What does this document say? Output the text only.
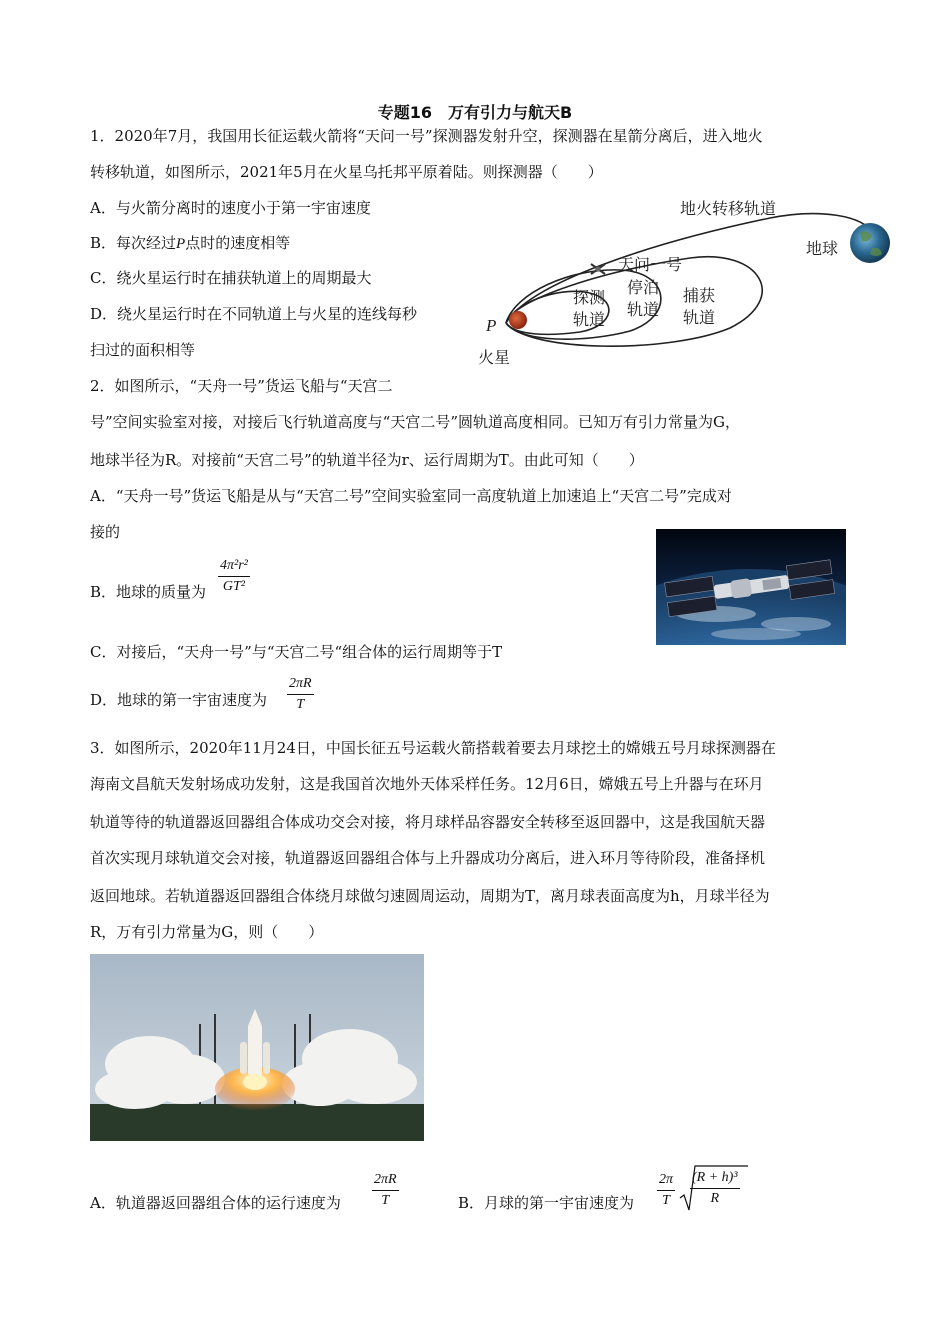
专题16　万有引力与航天B
1．2020年7月，我国用长征运载火箭将“天问一号”探测器发射升空，探测器在星箭分离后，进入地火
转移轨道，如图所示，2021年5月在火星乌托邦平原着陆。则探测器（　　）
A．与火箭分离时的速度小于第一宇宙速度
B．每次经过P点时的速度相等
C．绕火星运行时在捕获轨道上的周期最大
D．绕火星运行时在不同轨道上与火星的连线每秒
扫过的面积相等
地火转移轨道
地球
天问一号
探测
轨道
停泊
轨道
捕获
轨道
火星
P
2．如图所示，“天舟一号”货运飞船与“天宫二
号”空间实验室对接，对接后飞行轨道高度与“天宫二号”圆轨道高度相同。已知万有引力常量为G，
地球半径为R。对接前“天宫二号”的轨道半径为r、运行周期为T。由此可知（　　）
A．“天舟一号”货运飞船是从与“天宫二号”空间实验室同一高度轨道上加速追上“天宫二号”完成对
接的
B．地球的质量为 $\frac{\text{4π²r²}}{\text{GT²}}$
C．对接后，“天舟一号”与“天宫二号“组合体的运行周期等于T
D．地球的第一宇宙速度为 $\frac{2\pi R}{T}$
3．如图所示，2020年11月24日，中国长征五号运载火箭搭载着要去月球挖土的嫦娥五号月球探测器在
海南文昌航天发射场成功发射，这是我国首次地外天体采样任务。12月6日，嫦娥五号上升器与在环月
轨道等待的轨道器返回器组合体成功交会对接，将月球样品容器安全转移至返回器中，这是我国航天器
首次实现月球轨道交会对接，轨道器返回器组合体与上升器成功分离后，进入环月等待阶段，准备择机
返回地球。若轨道器返回器组合体绕月球做匀速圆周运动，周期为T，离月球表面高度为h，月球半径为
R，万有引力常量为G，则（　　）
A．轨道器返回器组合体的运行速度为 $\frac{2\pi R}{T}$	B．月球的第一宇宙速度为 $\frac{2\pi}{T} \frac{\text{(R + h)³}}{R}$
